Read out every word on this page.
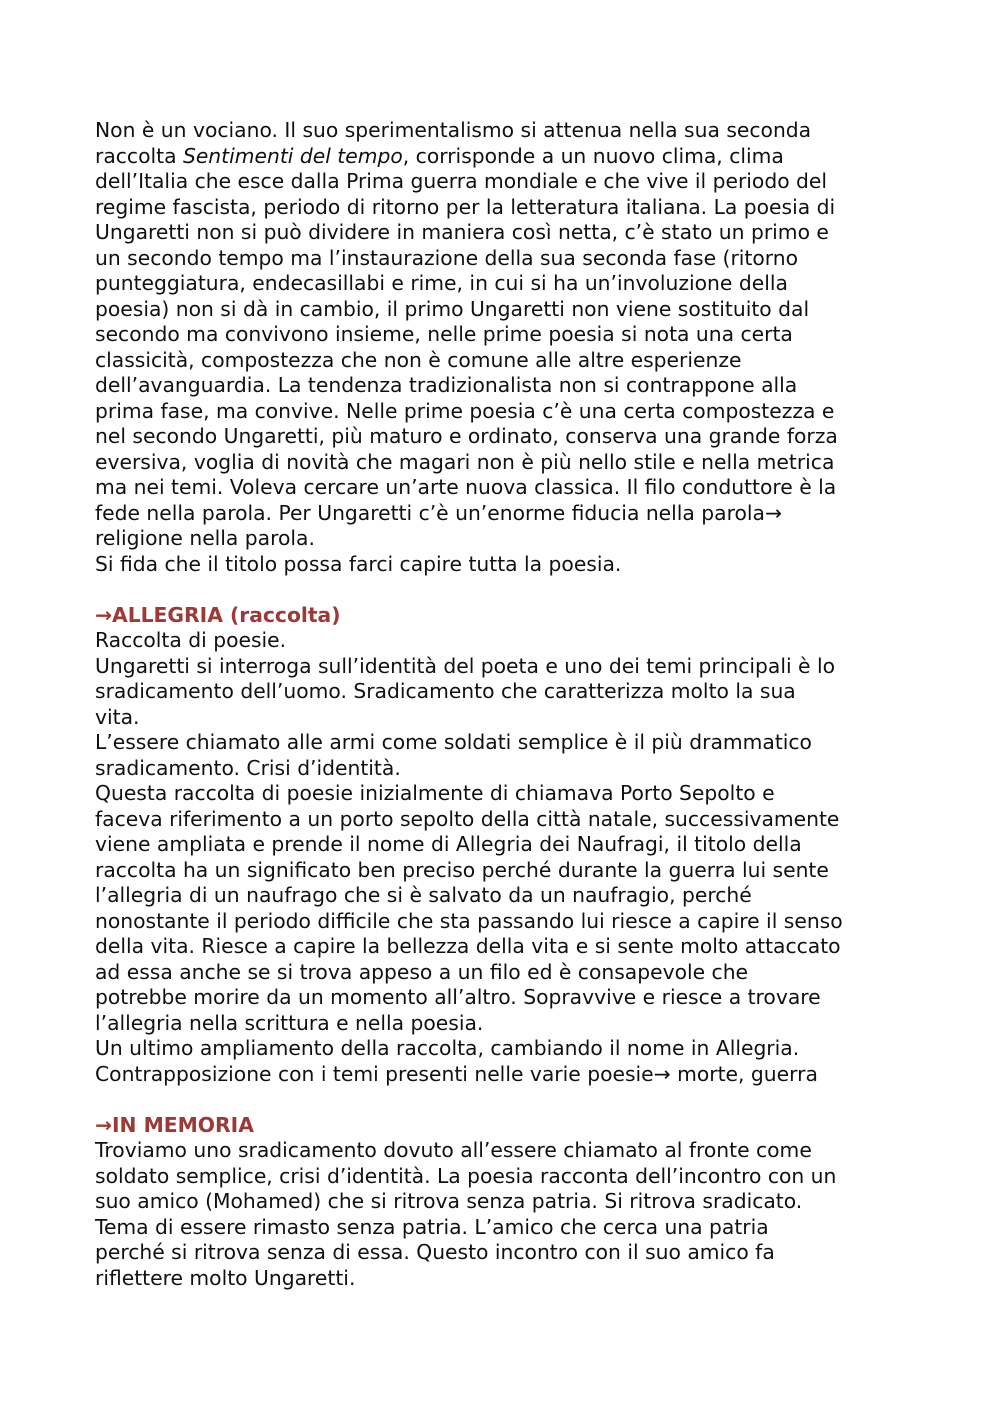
Non è un vociano. Il suo sperimentalismo si attenua nella sua seconda
raccolta Sentimenti del tempo, corrisponde a un nuovo clima, clima
dell’Italia che esce dalla Prima guerra mondiale e che vive il periodo del
regime fascista, periodo di ritorno per la letteratura italiana. La poesia di
Ungaretti non si può dividere in maniera così netta, c’è stato un primo e
un secondo tempo ma l’instaurazione della sua seconda fase (ritorno
punteggiatura, endecasillabi e rime, in cui si ha un’involuzione della
poesia) non si dà in cambio, il primo Ungaretti non viene sostituito dal
secondo ma convivono insieme, nelle prime poesia si nota una certa
classicità, compostezza che non è comune alle altre esperienze
dell’avanguardia. La tendenza tradizionalista non si contrappone alla
prima fase, ma convive. Nelle prime poesia c’è una certa compostezza e
nel secondo Ungaretti, più maturo e ordinato, conserva una grande forza
eversiva, voglia di novità che magari non è più nello stile e nella metrica
ma nei temi. Voleva cercare un’arte nuova classica. Il filo conduttore è la
fede nella parola. Per Ungaretti c’è un’enorme fiducia nella parola→
religione nella parola.
Si fida che il titolo possa farci capire tutta la poesia.
→ALLEGRIA (raccolta)
Raccolta di poesie.
Ungaretti si interroga sull’identità del poeta e uno dei temi principali è lo
sradicamento dell’uomo. Sradicamento che caratterizza molto la sua
vita.
L’essere chiamato alle armi come soldati semplice è il più drammatico
sradicamento. Crisi d’identità.
Questa raccolta di poesie inizialmente di chiamava Porto Sepolto e
faceva riferimento a un porto sepolto della città natale, successivamente
viene ampliata e prende il nome di Allegria dei Naufragi, il titolo della
raccolta ha un significato ben preciso perché durante la guerra lui sente
l’allegria di un naufrago che si è salvato da un naufragio, perché
nonostante il periodo difficile che sta passando lui riesce a capire il senso
della vita. Riesce a capire la bellezza della vita e si sente molto attaccato
ad essa anche se si trova appeso a un filo ed è consapevole che
potrebbe morire da un momento all’altro. Sopravvive e riesce a trovare
l’allegria nella scrittura e nella poesia.
Un ultimo ampliamento della raccolta, cambiando il nome in Allegria.
Contrapposizione con i temi presenti nelle varie poesie→ morte, guerra
→IN MEMORIA
Troviamo uno sradicamento dovuto all’essere chiamato al fronte come
soldato semplice, crisi d’identità. La poesia racconta dell’incontro con un
suo amico (Mohamed) che si ritrova senza patria. Si ritrova sradicato.
Tema di essere rimasto senza patria. L’amico che cerca una patria
perché si ritrova senza di essa. Questo incontro con il suo amico fa
riflettere molto Ungaretti.
